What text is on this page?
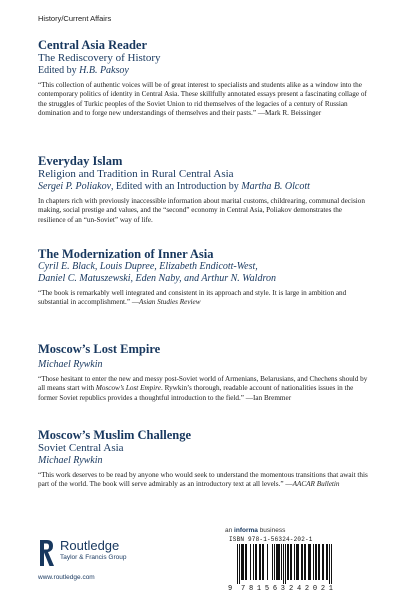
History/Current Affairs
Central Asia Reader
The Rediscovery of History
Edited by H.B. Paksoy
“This collection of authentic voices will be of great interest to specialists and students alike as a window into the contemporary politics of identity in Central Asia. These skillfully annotated essays present a fascinating collage of the struggles of Turkic peoples of the Soviet Union to rid themselves of the legacies of a century of Russian domination and to forge new understandings of themselves and their pasts.” —Mark R. Beissinger
Everyday Islam
Religion and Tradition in Rural Central Asia
Sergei P. Poliakov, Edited with an Introduction by Martha B. Olcott
In chapters rich with previously inaccessible information about marital customs, childrearing, communal decision making, social prestige and values, and the “second” economy in Central Asia, Poliakov demonstrates the resilience of an “un-Soviet” way of life.
The Modernization of Inner Asia
Cyril E. Black, Louis Dupree, Elizabeth Endicott-West,
Daniel C. Matuszewski, Eden Naby, and Arthur N. Waldron
“The book is remarkably well integrated and consistent in its approach and style. It is large in ambition and substantial in accomplishment.” —Asian Studies Review
Moscow’s Lost Empire
Michael Rywkin
“Those hesitant to enter the new and messy post-Soviet world of Armenians, Belarusians, and Chechens should by all means start with Moscow’s Lost Empire. Rywkin’s thorough, readable account of nationalities issues in the former Soviet republics provides a thoughtful introduction to the field.” —Ian Bremmer
Moscow’s Muslim Challenge
Soviet Central Asia
Michael Rywkin
“This work deserves to be read by anyone who would seek to understand the momentous transitions that await this part of the world. The book will serve admirably as an introductory text at all levels.” —AACAR Bulletin
an informa business
Routledge
Taylor & Francis Group
www.routledge.com
ISBN 978-1-56324-202-1
9 781563 242021
